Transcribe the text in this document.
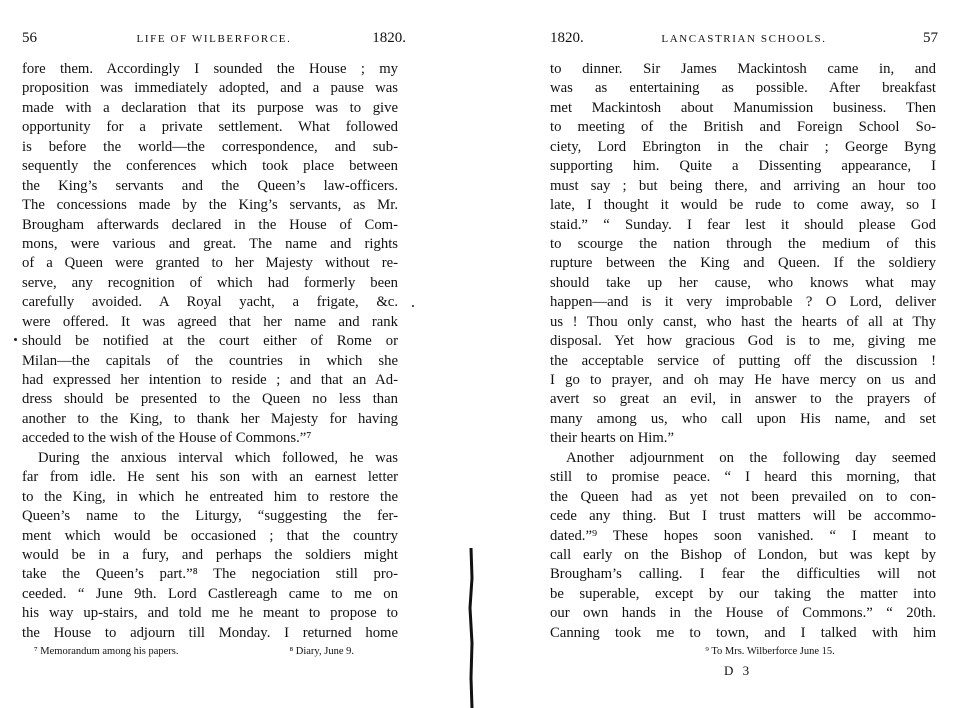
56	LIFE OF WILBERFORCE.	1820.
fore them. Accordingly I sounded the House ; my
proposition was immediately adopted, and a pause was
made with a declaration that its purpose was to give
opportunity for a private settlement. What followed
is before the world—the correspondence, and sub-
sequently the conferences which took place between
the King’s servants and the Queen’s law-officers.
The concessions made by the King’s servants, as Mr.
Brougham afterwards declared in the House of Com-
mons, were various and great. The name and rights
of a Queen were granted to her Majesty without re-
serve, any recognition of which had formerly been
carefully avoided. A Royal yacht, a frigate, &c.
were offered. It was agreed that her name and rank
should be notified at the court either of Rome or
Milan—the capitals of the countries in which she
had expressed her intention to reside ; and that an Ad-
dress should be presented to the Queen no less than
another to the King, to thank her Majesty for having
acceded to the wish of the House of Commons.”⁷
During the anxious interval which followed, he was
far from idle. He sent his son with an earnest letter
to the King, in which he entreated him to restore the
Queen’s name to the Liturgy, “suggesting the fer-
ment which would be occasioned ; that the country
would be in a fury, and perhaps the soldiers might
take the Queen’s part.”⁸ The negociation still pro-
ceeded. “ June 9th. Lord Castlereagh came to me on
his way up-stairs, and told me he meant to propose to
the House to adjourn till Monday. I returned home
⁷ Memorandum among his papers.	⁸ Diary, June 9.
1820.	LANCASTRIAN SCHOOLS.	57
to dinner. Sir James Mackintosh came in, and
was as entertaining as possible. After breakfast
met Mackintosh about Manumission business. Then
to meeting of the British and Foreign School So-
ciety, Lord Ebrington in the chair ; George Byng
supporting him. Quite a Dissenting appearance, I
must say ; but being there, and arriving an hour too
late, I thought it would be rude to come away, so I
staid.” “ Sunday. I fear lest it should please God
to scourge the nation through the medium of this
rupture between the King and Queen. If the soldiery
should take up her cause, who knows what may
happen—and is it very improbable ? O Lord, deliver
us ! Thou only canst, who hast the hearts of all at Thy
disposal. Yet how gracious God is to me, giving me
the acceptable service of putting off the discussion !
I go to prayer, and oh may He have mercy on us and
avert so great an evil, in answer to the prayers of
many among us, who call upon His name, and set
their hearts on Him.”
Another adjournment on the following day seemed
still to promise peace. “ I heard this morning, that
the Queen had as yet not been prevailed on to con-
cede any thing. But I trust matters will be accommo-
dated.”⁹ These hopes soon vanished. “ I meant to
call early on the Bishop of London, but was kept by
Brougham’s calling. I fear the difficulties will not
be superable, except by our taking the matter into
our own hands in the House of Commons.” “ 20th.
Canning took me to town, and I talked with him
⁹ To Mrs. Wilberforce June 15.
D 3
